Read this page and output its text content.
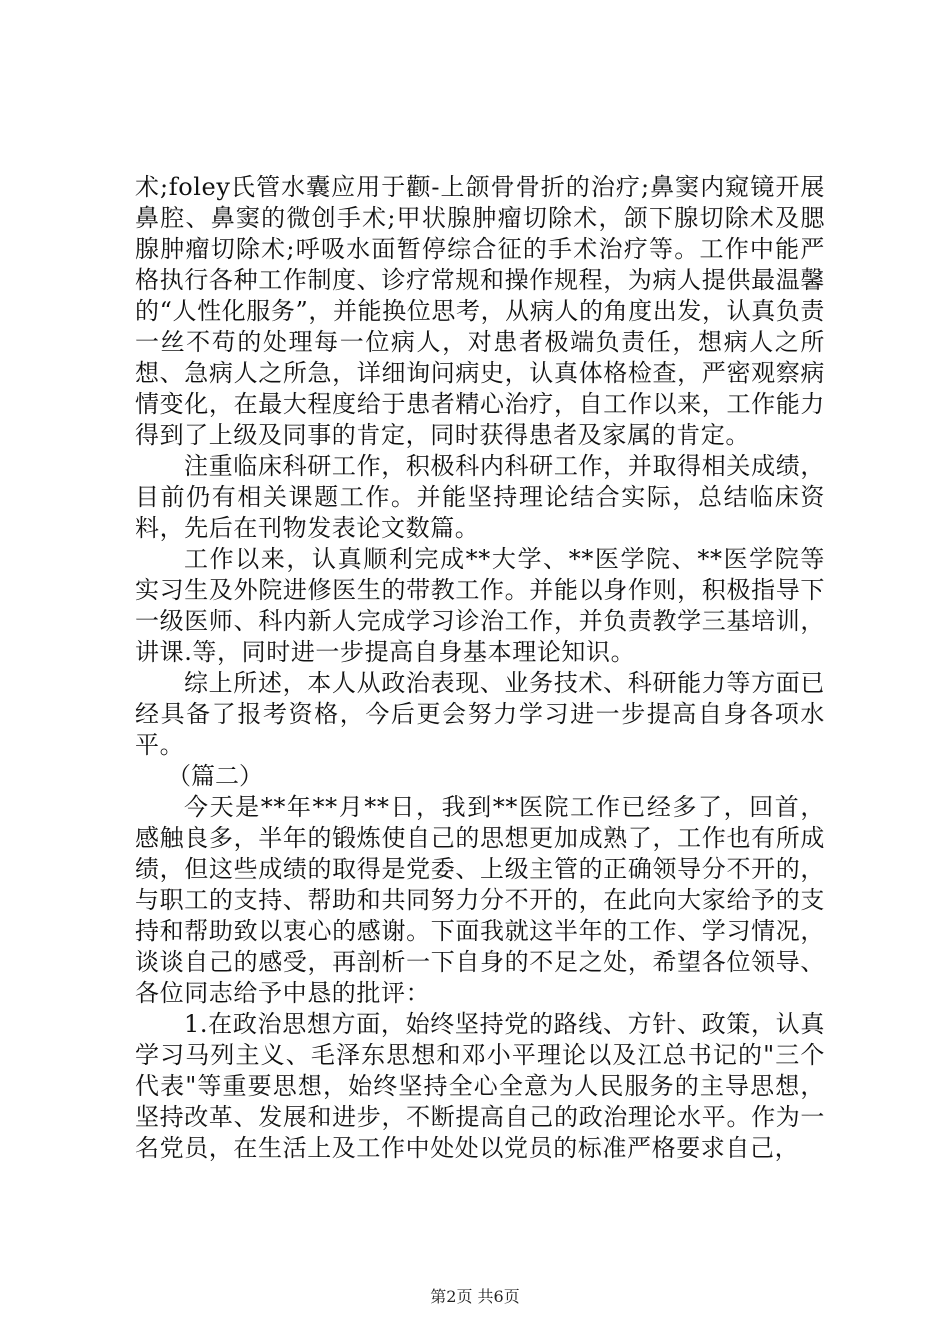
术;foley氏管水囊应用于颧-上颌骨骨折的治疗;鼻窦内窥镜开展鼻腔、鼻窦的微创手术;甲状腺肿瘤切除术，颌下腺切除术及腮腺肿瘤切除术;呼吸水面暂停综合征的手术治疗等。工作中能严格执行各种工作制度、诊疗常规和操作规程，为病人提供最温馨的“人性化服务”，并能换位思考，从病人的角度出发，认真负责一丝不苟的处理每一位病人，对患者极端负责任，想病人之所想、急病人之所急，详细询问病史，认真体格检查，严密观察病情变化，在最大程度给于患者精心治疗，自工作以来，工作能力得到了上级及同事的肯定，同时获得患者及家属的肯定。

注重临床科研工作，积极科内科研工作，并取得相关成绩，目前仍有相关课题工作。并能坚持理论结合实际，总结临床资料，先后在刊物发表论文数篇。

工作以来，认真顺利完成**大学、**医学院、**医学院等实习生及外院进修医生的带教工作。并能以身作则，积极指导下一级医师、科内新人完成学习诊治工作，并负责教学三基培训，讲课.等，同时进一步提高自身基本理论知识。

综上所述，本人从政治表现、业务技术、科研能力等方面已经具备了报考资格，今后更会努力学习进一步提高自身各项水平。

（篇二）

今天是**年**月**日，我到**医院工作已经多了，回首，感触良多，半年的锻炼使自己的思想更加成熟了，工作也有所成绩，但这些成绩的取得是党委、上级主管的正确领导分不开的，与职工的支持、帮助和共同努力分不开的，在此向大家给予的支持和帮助致以衷心的感谢。下面我就这半年的工作、学习情况，谈谈自己的感受，再剖析一下自身的不足之处，希望各位领导、各位同志给予中恳的批评：

1.在政治思想方面，始终坚持党的路线、方针、政策，认真学习马列主义、毛泽东思想和邓小平理论以及江总书记的"三个代表"等重要思想，始终坚持全心全意为人民服务的主导思想，坚持改革、发展和进步，不断提高自己的政治理论水平。作为一名党员，在生活上及工作中处处以党员的标准严格要求自己，

第2页 共6页
